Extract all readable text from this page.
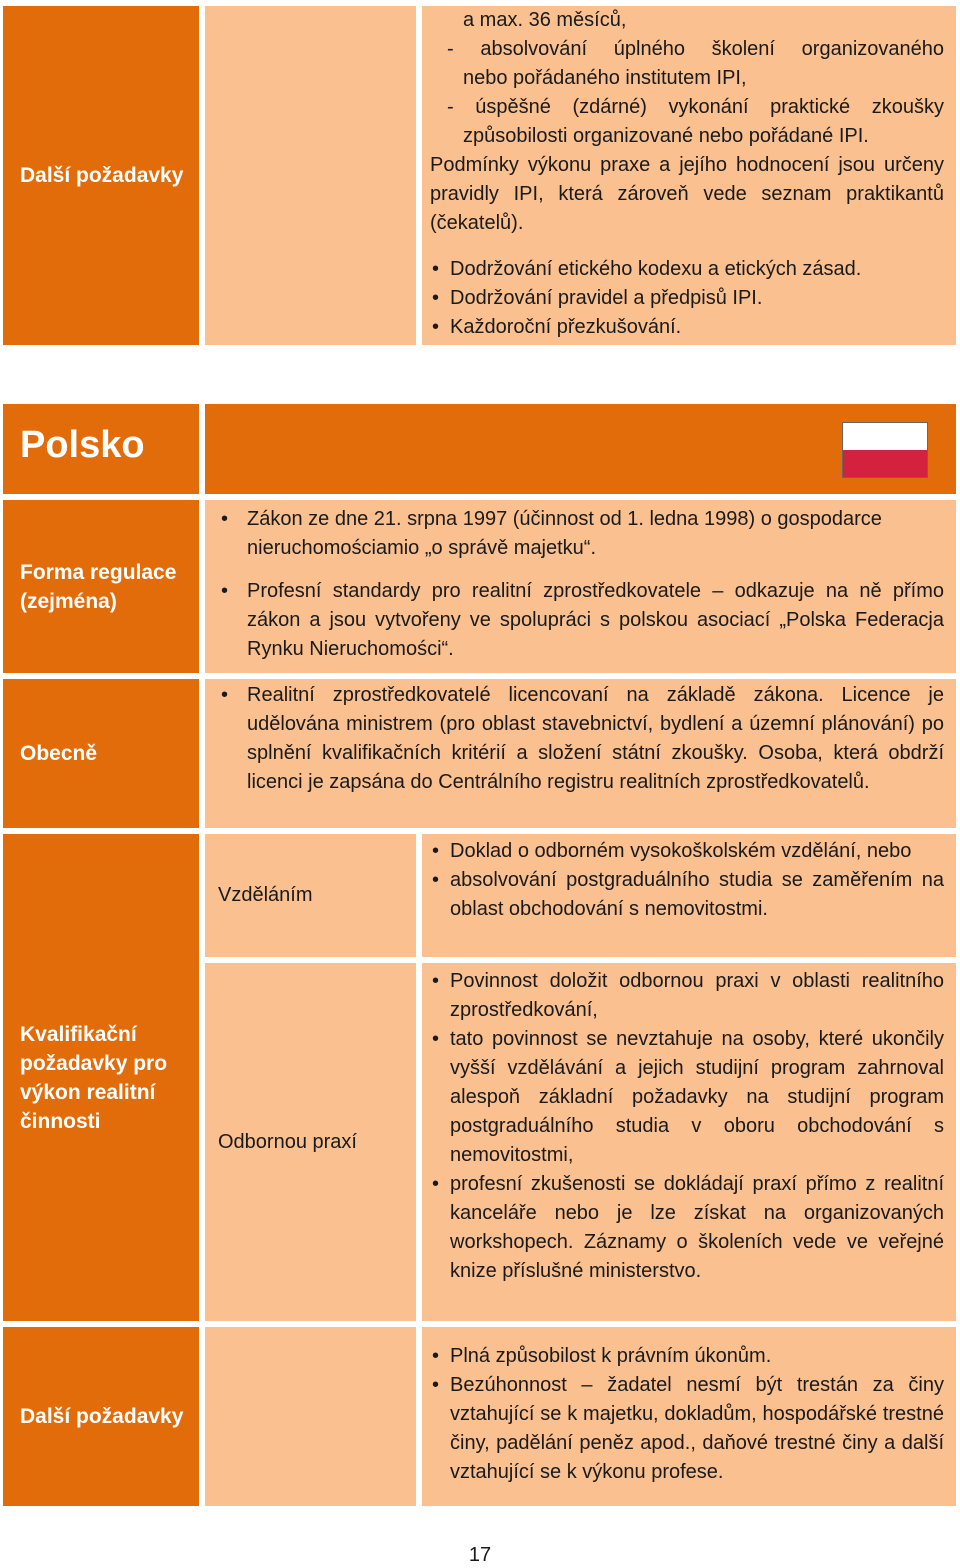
Další požadavky
a max. 36 měsíců,
- absolvování úplného školení organizovaného
nebo pořádaného institutem IPI,
- úspěšné (zdárné) vykonání praktické zkoušky
způsobilosti organizované nebo pořádané IPI.
Podmínky výkonu praxe a jejího hodnocení jsou určeny pravidly IPI, která zároveň vede seznam praktikantů (čekatelů).
• Dodržování etického kodexu a etických zásad.
• Dodržování pravidel a předpisů IPI.
• Každoroční přezkušování.
Polsko
Forma regulace (zejména)
• Zákon ze dne 21. srpna 1997 (účinnost od 1. ledna 1998) o gospodarce nieruchomościamio „o správě majetku“.
• Profesní standardy pro realitní zprostředkovatele – odkazuje na ně přímo zákon a jsou vytvořeny ve spolupráci s polskou asociací „Polska Federacja Rynku Nieruchomości“.
Obecně
• Realitní zprostředkovatelé licencovaní na základě zákona. Licence je udělována ministrem (pro oblast stavebnictví, bydlení a územní plánování) po splnění kvalifikačních kritérií a složení státní zkoušky. Osoba, která obdrží licenci je zapsána do Centrálního registru realitních zprostředkovatelů.
Kvalifikační požadavky pro výkon realitní činnosti
Vzděláním
• Doklad o odborném vysokoškolském vzdělání, nebo
• absolvování postgraduálního studia se zaměřením na oblast obchodování s nemovitostmi.
Odbornou praxí
• Povinnost doložit odbornou praxi v oblasti realitního zprostředkování,
• tato povinnost se nevztahuje na osoby, které ukončily vyšší vzdělávání a jejich studijní program zahrnoval alespoň základní požadavky na studijní program postgraduálního studia v oboru obchodování s nemovitostmi,
• profesní zkušenosti se dokládají praxí přímo z realitní kanceláře nebo je lze získat na organizovaných workshopech. Záznamy o školeních vede ve veřejné knize příslušné ministerstvo.
Další požadavky
• Plná způsobilost k právním úkonům.
• Bezúhonnost – žadatel nesmí být trestán za činy vztahující se k majetku, dokladům, hospodářské trestné činy, padělání peněz apod., daňové trestné činy a další vztahující se k výkonu profese.
17
